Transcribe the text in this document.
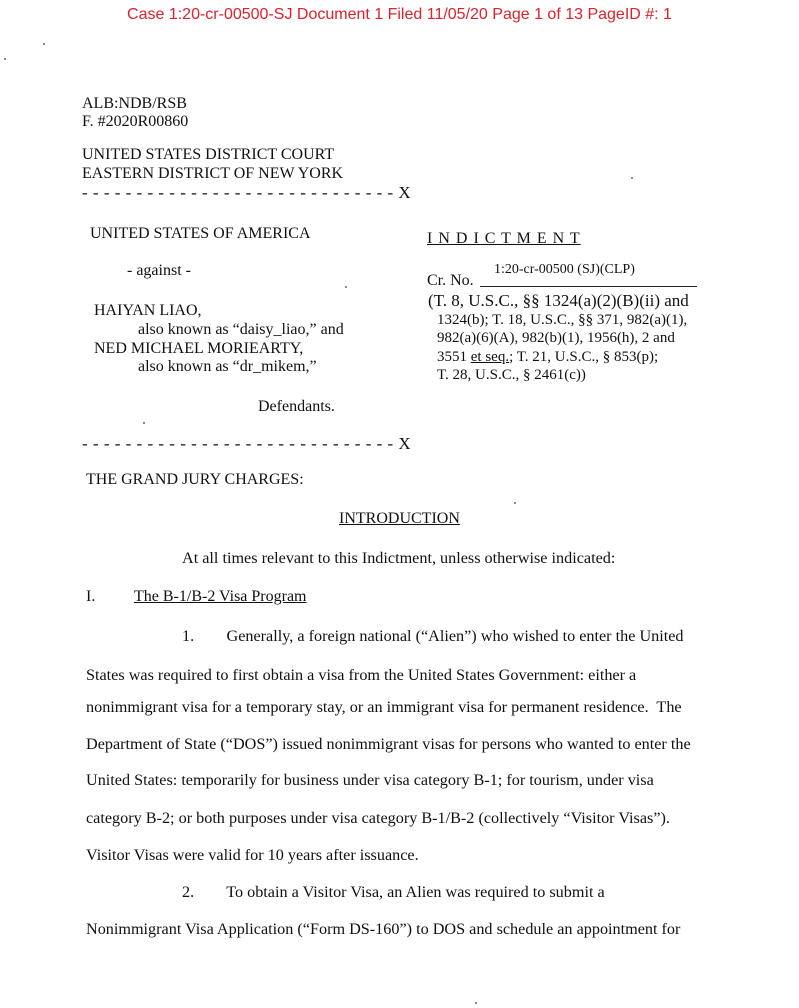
Case 1:20-cr-00500-SJ Document 1 Filed 11/05/20 Page 1 of 13 PageID #: 1
ALB:NDB/RSB
F. #2020R00860
UNITED STATES DISTRICT COURT
EASTERN DISTRICT OF NEW YORK
- - - - - - - - - - - - - - - - - - - - - - - - - - - - - X
UNITED STATES OF AMERICA
- against -
HAIYAN LIAO,
also known as “daisy_liao,” and
NED MICHAEL MORIEARTY,
also known as “dr_mikem,”
Defendants.
- - - - - - - - - - - - - - - - - - - - - - - - - - - - - X
I N D I C T M E N T
Cr. No.
1:20-cr-00500 (SJ)(CLP)
(T. 8, U.S.C., §§ 1324(a)(2)(B)(ii) and
1324(b); T. 18, U.S.C., §§ 371, 982(a)(1),
982(a)(6)(A), 982(b)(1), 1956(h), 2 and
3551 et seq.; T. 21, U.S.C., § 853(p);
T. 28, U.S.C., § 2461(c))
THE GRAND JURY CHARGES:
INTRODUCTION
At all times relevant to this Indictment, unless otherwise indicated:
I. The B-1/B-2 Visa Program
1.        Generally, a foreign national (“Alien”) who wished to enter the United
States was required to first obtain a visa from the United States Government: either a
nonimmigrant visa for a temporary stay, or an immigrant visa for permanent residence.  The
Department of State (“DOS”) issued nonimmigrant visas for persons who wanted to enter the
United States: temporarily for business under visa category B-1; for tourism, under visa
category B-2; or both purposes under visa category B-1/B-2 (collectively “Visitor Visas”).
Visitor Visas were valid for 10 years after issuance.
2.        To obtain a Visitor Visa, an Alien was required to submit a
Nonimmigrant Visa Application (“Form DS-160”) to DOS and schedule an appointment for
